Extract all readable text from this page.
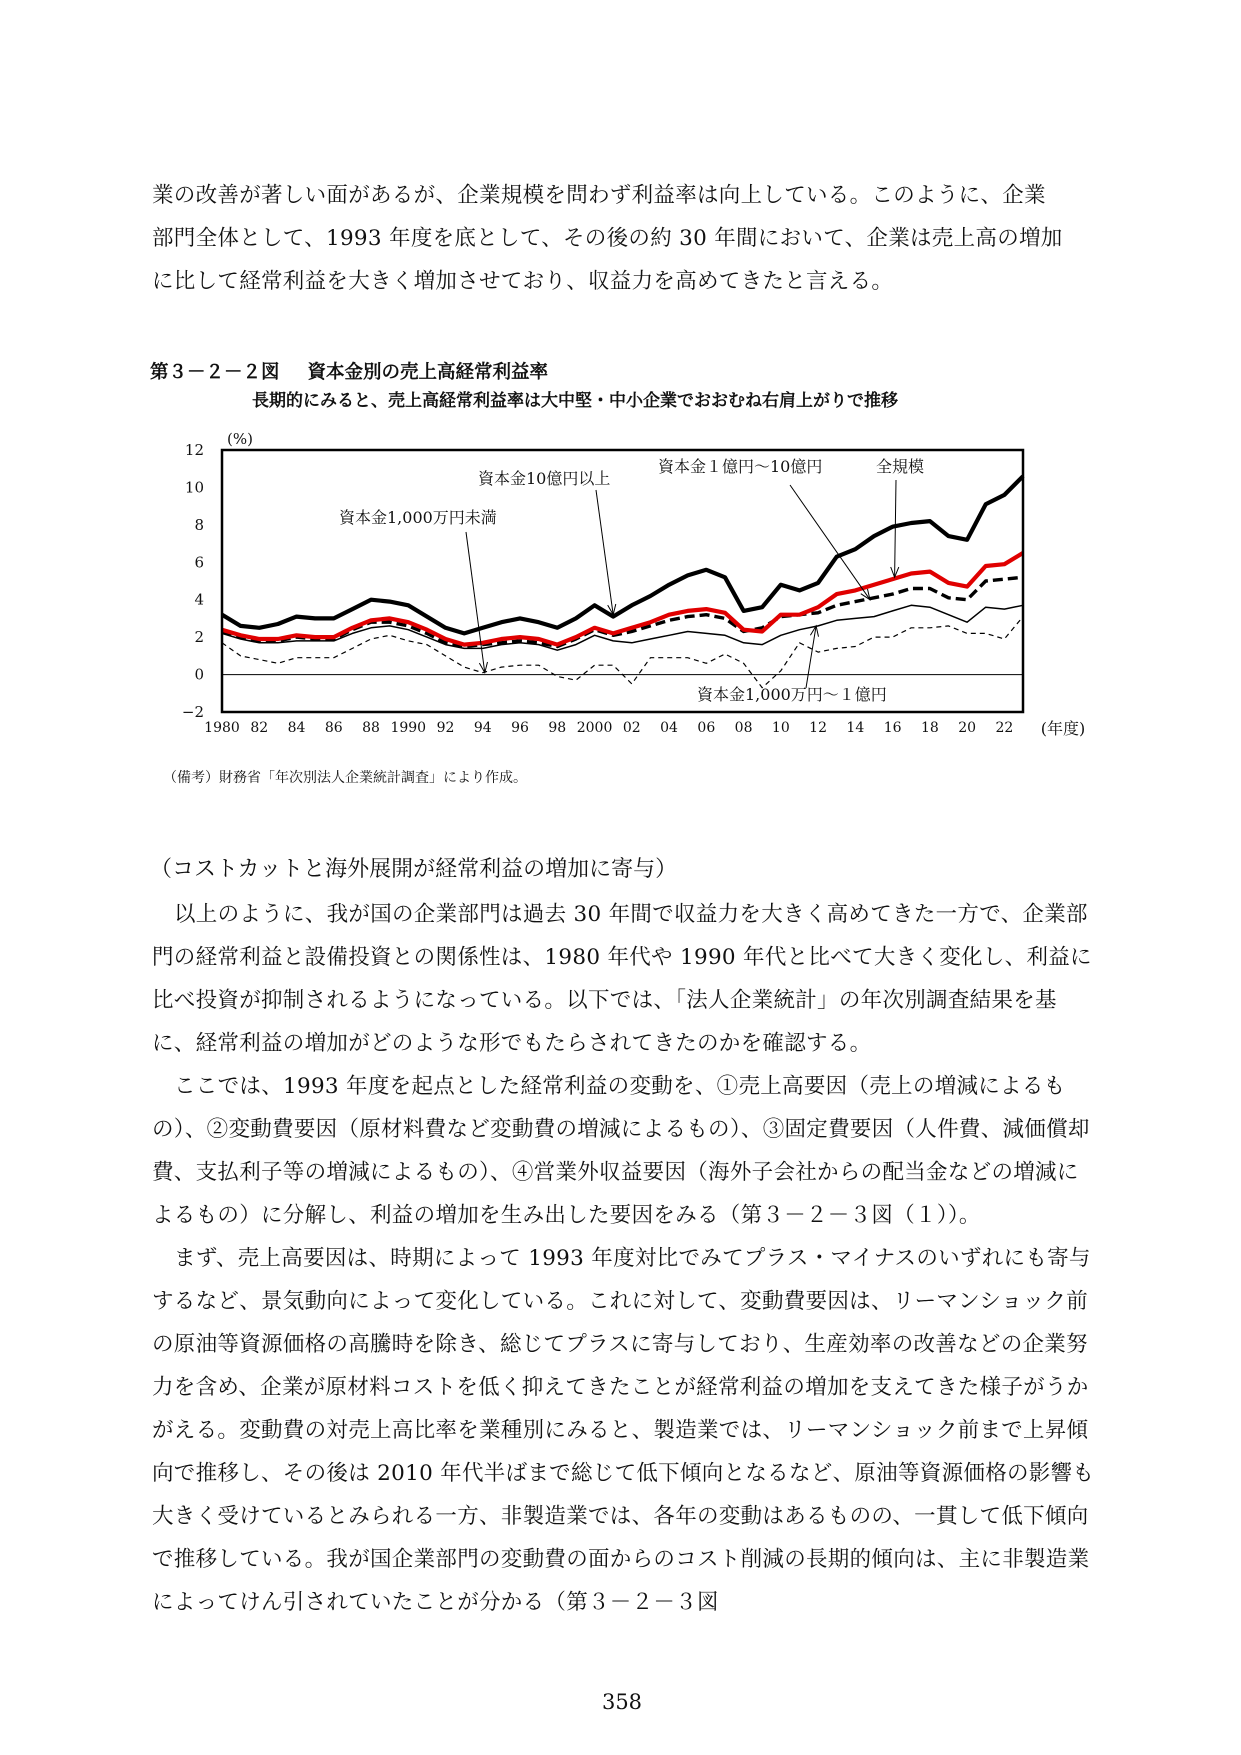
業の改善が著しい面があるが、企業規模を問わず利益率は向上している。このように、企業

部門全体として、1993 年度を底として、その後の約 30 年間において、企業は売上高の増加

に比して経常利益を大きく増加させており、収益力を高めてきたと言える。

第３－２－２図 資本金別の売上高経常利益率
長期的にみると、売上高経常利益率は大中堅・中小企業でおおむね右肩上がりで推移
12
10
8
6
4
2
0
−2
(%)
1980 82 84 86 88 1990 92 94 96 98 2000 02 04 06 08 10 12 14 16 18 20 22 (年度)
資本金10億円以上
資本金１億円～10億円	全規模
資本金1,000万円未満
資本金1,000万円～１億円
（備考）財務省「年次別法人企業統計調査」により作成。
（コストカットと海外展開が経常利益の増加に寄与）

以上のように、我が国の企業部門は過去 30 年間で収益力を大きく高めてきた一方で、企業部門の経常利益と設備投資との関係性は、1980 年代や 1990 年代と比べて大きく変化し、利益に比べ投資が抑制されるようになっている。以下では、「法人企業統計」の年次別調査結果を基に、経常利益の増加がどのような形でもたらされてきたのかを確認する。

ここでは、1993 年度を起点とした経常利益の変動を、①売上高要因（売上の増減によるもの）、②変動費要因（原材料費など変動費の増減によるもの）、③固定費要因（人件費、減価償却費、支払利子等の増減によるもの）、④営業外収益要因（海外子会社からの配当金などの増減によるもの）に分解し、利益の増加を生み出した要因をみる（第３－２－３図（１））。

まず、売上高要因は、時期によって 1993 年度対比でみてプラス・マイナスのいずれにも寄与するなど、景気動向によって変化している。これに対して、変動費要因は、リーマンショック前の原油等資源価格の高騰時を除き、総じてプラスに寄与しており、生産効率の改善などの企業努力を含め、企業が原材料コストを低く抑えてきたことが経常利益の増加を支えてきた様子がうかがえる。変動費の対売上高比率を業種別にみると、製造業では、リーマンショック前まで上昇傾向で推移し、その後は 2010 年代半ばまで総じて低下傾向となるなど、原油等資源価格の影響も大きく受けているとみられる一方、非製造業では、各年の変動はあるものの、一貫して低下傾向で推移している。我が国企業部門の変動費の面からのコスト削減の長期的傾向は、主に非製造業によってけん引されていたことが分かる（第３－２－３図

358
